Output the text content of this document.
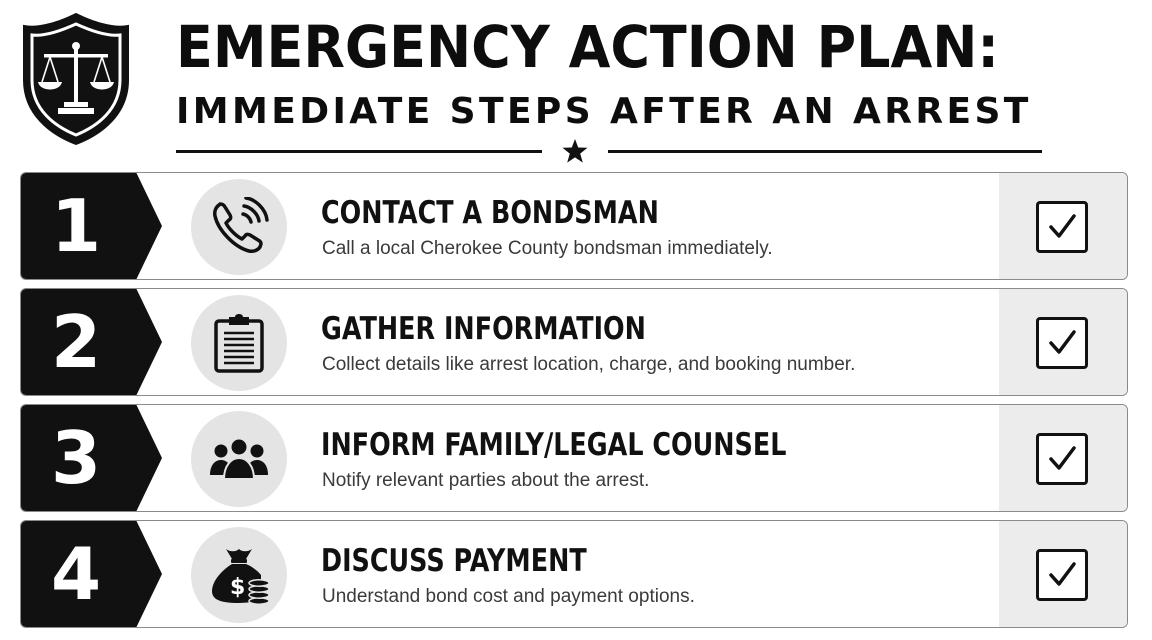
EMERGENCY ACTION PLAN:
IMMEDIATE STEPS AFTER AN ARREST
1	CONTACT A BONDSMAN
Call a local Cherokee County bondsman immediately.
2	GATHER INFORMATION
Collect details like arrest location, charge, and booking number.
3	INFORM FAMILY/LEGAL COUNSEL
Notify relevant parties about the arrest.
4	$
DISCUSS PAYMENT
Understand bond cost and payment options.
